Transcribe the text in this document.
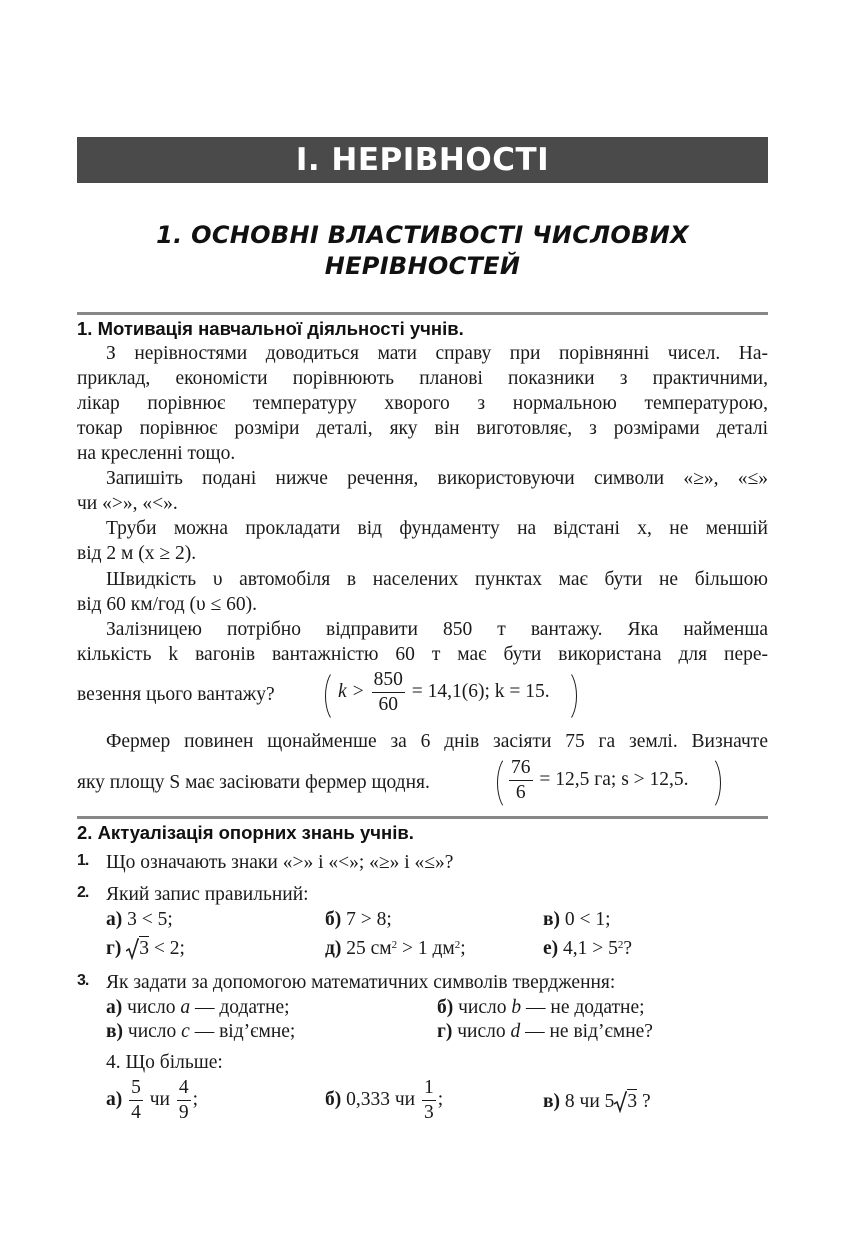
І. НЕРІВНОСТІ
1. ОСНОВНІ ВЛАСТИВОСТІ ЧИСЛОВИХ
НЕРІВНОСТЕЙ
1. Мотивація навчальної діяльності учнів.
З нерівностями доводиться мати справу при порівнянні чисел. На-
приклад, економісти порівнюють планові показники з практичними,
лікар порівнює температуру хворого з нормальною температурою,
токар порівнює розміри деталі, яку він виготовляє, з розмірами деталі
на кресленні тощо.
Запишіть подані нижче речення, використовуючи символи «≥», «≤»
чи «>», «<».
Труби можна прокладати від фундаменту на відстані x, не меншій
від 2 м (x ≥ 2).
Швидкість υ автомобіля в населених пунктах має бути не більшою
від 60 км/год (υ ≤ 60).
Залізницею потрібно відправити 850 т вантажу. Яка найменша
кількість k вагонів вантажністю 60 т має бути використана для пере-
везення цього вантажу?	$k > \frac{850}{60} = 14,1(6)$; k = 15.
Фермер повинен щонайменше за 6 днів засіяти 75 га землі. Визначте
яку площу S має засіювати фермер щодня.	$\frac{76}{6} = 12,5$ га; s > 12,5.
2. Актуалізація опорних знань учнів.
1. Що означають знаки «>» і «<»; «≥» і «≤»?
2. Який запис правильний:
а) 3 < 5;	б) 7 > 8;	в) 0 < 1;
г) 3 < 2;	д) 25 $см^2 > 1$ $дм^2$;	е) $4,1 > 5^2$?
3. Як задати за допомогою математичних символів твердження:
а) число a — додатне;	б) число b — не додатне;
в) число c — від’ємне;	г) число d — не від’ємне?
4. Що більше:
$а) \frac{5}{4}$ чи $\frac{4}{9}$ ;	б) 0,333 чи $\frac{1}{3}$ ;	в) 8 чи 5 3 ?
